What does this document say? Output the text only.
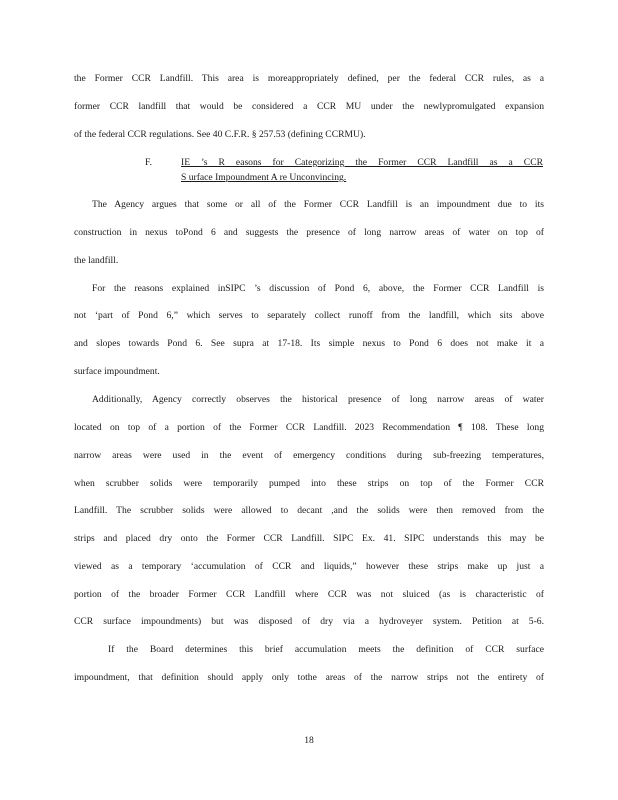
the Former CCR Landfill. This area is moreappropriately defined, per the federal CCR rules, as a
former CCR landfill that would be considered a CCR MU under the newlypromulgated expansion
of the federal CCR regulations. See 40 C.F.R. § 257.53 (defining CCRMU).
F.	IE ’s R easons for Categorizing the Former CCR Landfill as a CCR
S urface Impoundment A re Unconvincing.
The Agency argues that some or all of the Former CCR Landfill is an impoundment due to its
construction in nexus toPond 6 and suggests the presence of long narrow areas of water on top of
the landfill.
For the reasons explained inSIPC ’s discussion of Pond 6, above, the Former CCR Landfill is
not ‘part of Pond 6,” which serves to separately collect runoff from the landfill, which sits above
and slopes towards Pond 6. See supra at 17-18. Its simple nexus to Pond 6 does not make it a
surface impoundment.
Additionally, Agency correctly observes the historical presence of long narrow areas of water
located on top of a portion of the Former CCR Landfill. 2023 Recommendation ¶ 108. These long
narrow areas were used in the event of emergency conditions during sub-freezing temperatures,
when scrubber solids were temporarily pumped into these strips on top of the Former CCR
Landfill. The scrubber solids were allowed to decant ,and the solids were then removed from the
strips and placed dry onto the Former CCR Landfill. SIPC Ex. 41. SIPC understands this may be
viewed as a temporary ‘accumulation of CCR and liquids,” however these strips make up just a
portion of the broader Former CCR Landfill where CCR was not sluiced (as is characteristic of
CCR surface impoundments) but was disposed of dry via a hydroveyer system. Petition at 5-6.
If the Board determines this brief accumulation meets the definition of CCR surface
impoundment, that definition should apply only tothe areas of the narrow strips not the entirety of
18
